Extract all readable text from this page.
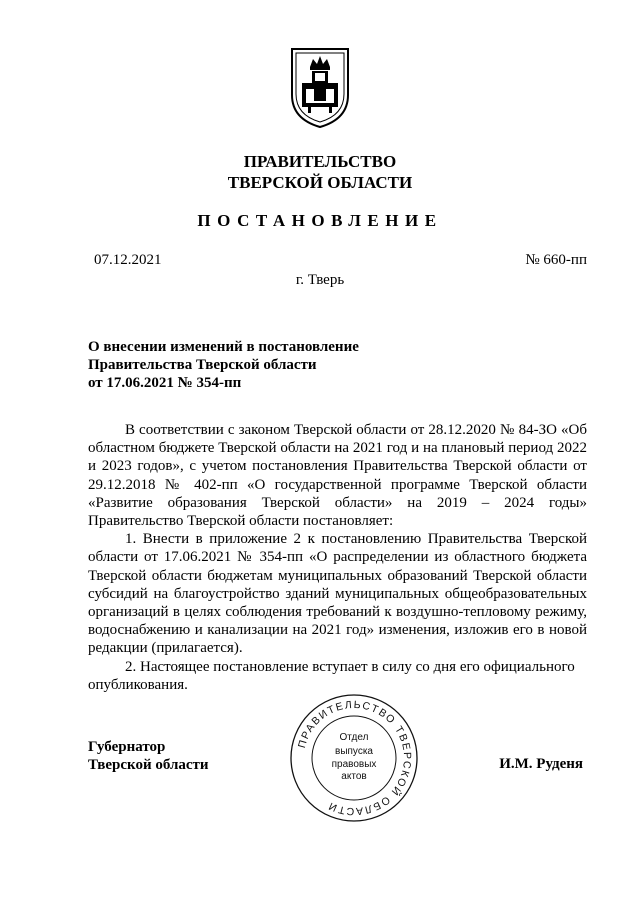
ПРАВИТЕЛЬСТВО
ТВЕРСКОЙ ОБЛАСТИ
ПОСТАНОВЛЕНИЕ
07.12.2021	№ 660-пп
г. Тверь
О внесении изменений в постановление
Правительства Тверской области
от 17.06.2021 № 354-пп

В соответствии с законом Тверской области от 28.12.2020 № 84-ЗО «Об областном бюджете Тверской области на 2021 год и на плановый период 2022 и 2023 годов», с учетом постановления Правительства Тверской области от 29.12.2018 № 402-пп «О государственной программе Тверской области «Развитие образования Тверской области» на 2019 – 2024 годы» Правительство Тверской области постановляет:

1. Внести в приложение 2 к постановлению Правительства Тверской области от 17.06.2021 № 354-пп «О распределении из областного бюджета Тверской области бюджетам муниципальных образований Тверской области субсидий на благоустройство зданий муниципальных общеобразовательных организаций в целях соблюдения требований к воздушно-тепловому режиму, водоснабжению и канализации на 2021 год» изменения, изложив его в новой редакции (прилагается).

2. Настоящее постановление вступает в силу со дня его официального опубликования.

Губернатор
Тверской области	И.М. Руденя
ПРАВИТЕЛЬСТВО ТВЕРСКОЙ ОБЛАСТИ
Отдел
выпуска
правовых
актов
